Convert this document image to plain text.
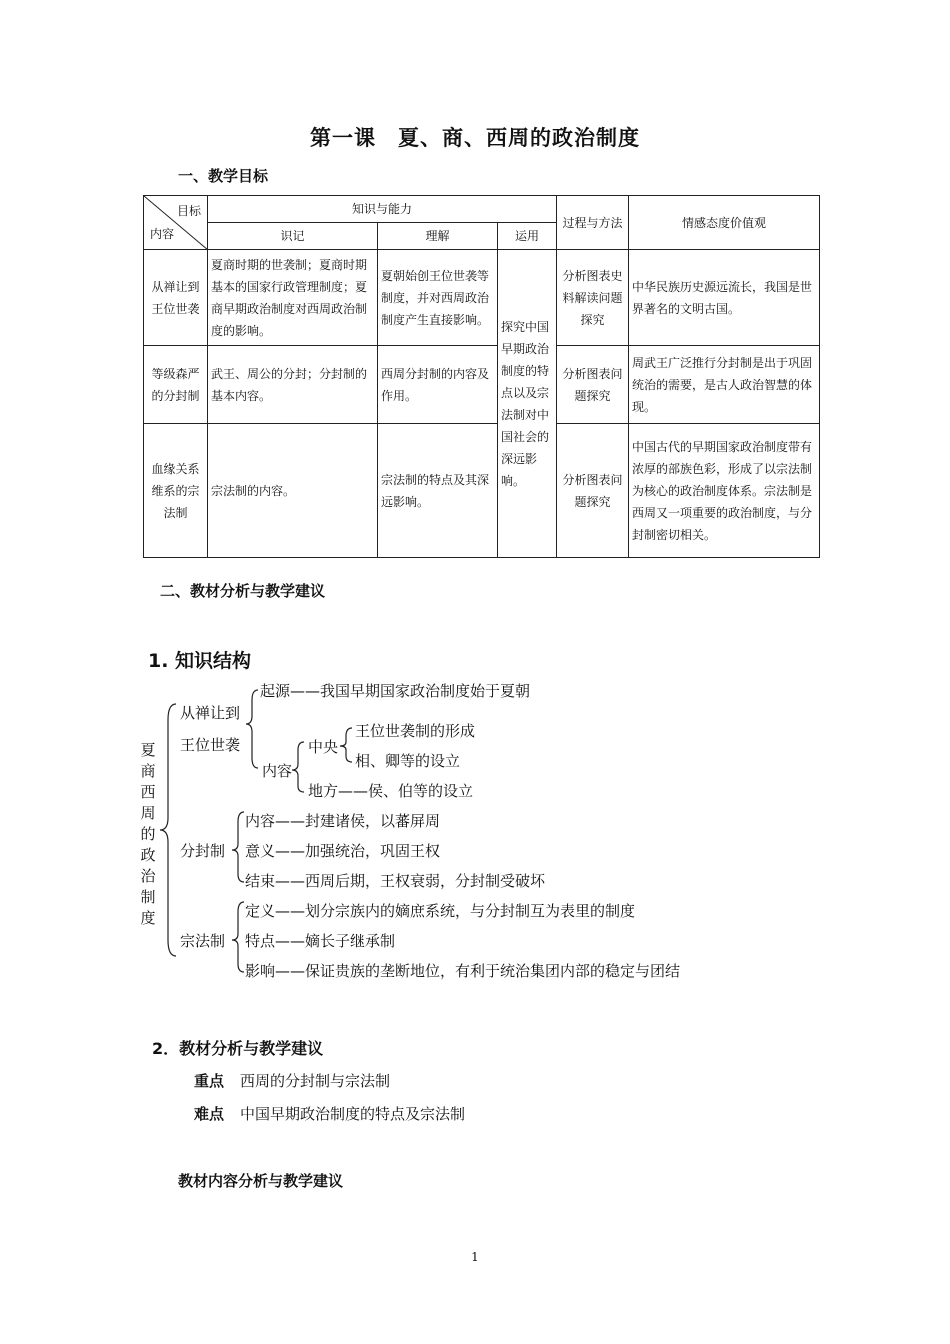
第一课　夏、商、西周的政治制度
一、教学目标
目标
内容	知识与能力			过程与方法	情感态度价值观
	识记	理解	运用		
从禅让到王位世袭	夏商时期的世袭制；夏商时期基本的国家行政管理制度；夏商早期政治制度对西周政治制度的影响。	夏朝始创王位世袭等制度，并对西周政治制度产生直接影响。	探究中国早期政治制度的特点以及宗法制对中国社会的深远影响。	分析图表史料解读问题探究	中华民族历史源远流长，我国是世界著名的文明古国。
等级森严的分封制	武王、周公的分封；分封制的基本内容。	西周分封制的内容及作用。		分析图表问题探究	周武王广泛推行分封制是出于巩固统治的需要，是古人政治智慧的体现。
血缘关系维系的宗法制	宗法制的内容。	宗法制的特点及其深远影响。		分析图表问题探究	中国古代的早期国家政治制度带有浓厚的部族色彩，形成了以宗法制为核心的政治制度体系。宗法制是西周又一项重要的政治制度，与分封制密切相关。
二、教材分析与教学建议
1. 知识结构
夏商西周的政治制度
从禅让到
王位世袭
起源——我国早期国家政治制度始于夏朝
内容
中央
王位世袭制的形成
相、卿等的设立
地方——侯、伯等的设立
分封制
内容——封建诸侯，以蕃屏周
意义——加强统治，巩固王权
结束——西周后期，王权衰弱，分封制受破坏
宗法制
定义——划分宗族内的嫡庶系统，与分封制互为表里的制度
特点——嫡长子继承制
影响——保证贵族的垄断地位，有利于统治集团内部的稳定与团结
2．教材分析与教学建议
重点 西周的分封制与宗法制
难点 中国早期政治制度的特点及宗法制
教材内容分析与教学建议
1
